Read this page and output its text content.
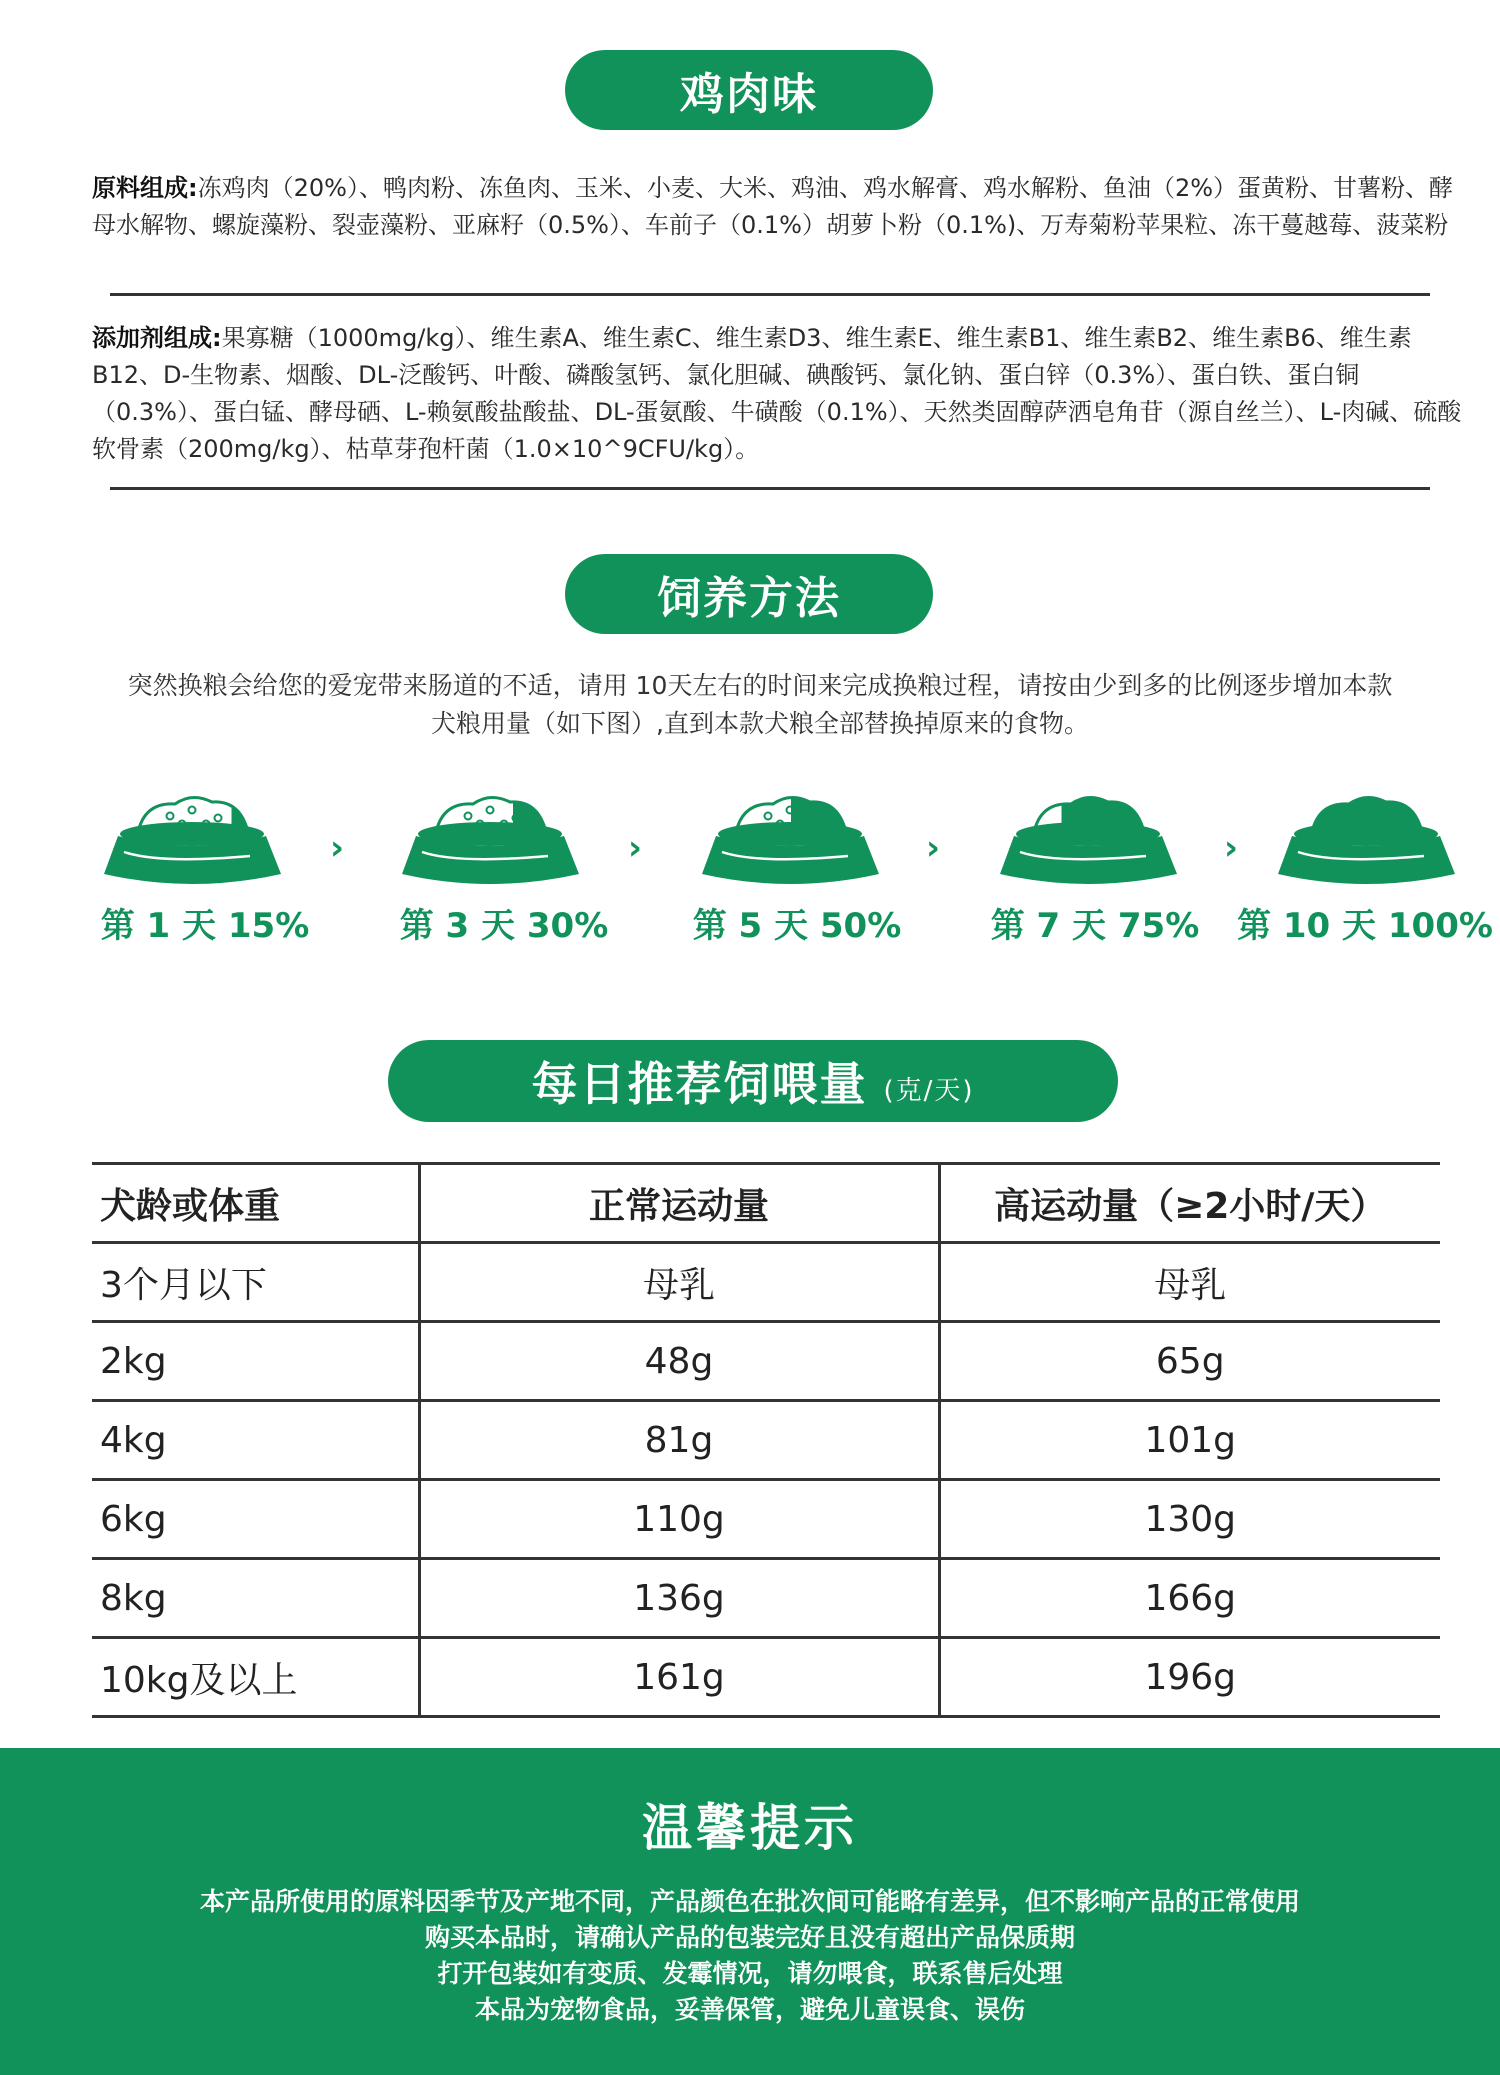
鸡肉味

原料组成:冻鸡肉（20%）、鸭肉粉、冻鱼肉、玉米、小麦、大米、鸡油、鸡水解膏、鸡水解粉、鱼油（2%）蛋黄粉、甘薯粉、酵母水解物、螺旋藻粉、裂壶藻粉、亚麻籽（0.5%）、车前子（0.1%）胡萝卜粉（0.1%)、万寿菊粉苹果粒、冻干蔓越莓、菠菜粉

添加剂组成:果寡糖（1000mg/kg）、维生素A、维生素C、维生素D3、维生素E、维生素B1、维生素B2、维生素B6、维生素B12、D-生物素、烟酸、DL-泛酸钙、叶酸、磷酸氢钙、氯化胆碱、碘酸钙、氯化钠、蛋白锌（0.3%）、蛋白铁、蛋白铜（0.3%）、蛋白锰、酵母硒、L-赖氨酸盐酸盐、DL-蛋氨酸、牛磺酸（0.1%）、天然类固醇萨洒皂角苷（源自丝兰）、L-肉碱、硫酸软骨素（200mg/kg）、枯草芽孢杆菌（1.0×10^9CFU/kg）。

饲养方法
突然换粮会给您的爱宠带来肠道的不适，请用 10天左右的时间来完成换粮过程，请按由少到多的比例逐步增加本款
犬粮用量（如下图）,直到本款犬粮全部替换掉原来的食物。
第 1 天 15%
›
第 3 天 30%
›
第 5 天 50%
›
第 7 天 75%
›
第 10 天 100%
每日推荐饲喂量 (克/天)
犬龄或体重	正常运动量	高运动量（≥2小时/天）
3个月以下	母乳	母乳
2kg	48g	65g
4kg	81g	101g
6kg	110g	130g
8kg	136g	166g
10kg及以上	161g	196g
温馨提示
本产品所使用的原料因季节及产地不同，产品颜色在批次间可能略有差异，但不影响产品的正常使用
购买本品时，请确认产品的包装完好且没有超出产品保质期
打开包装如有变质、发霉情况，请勿喂食，联系售后处理
本品为宠物食品，妥善保管，避免儿童误食、误伤
